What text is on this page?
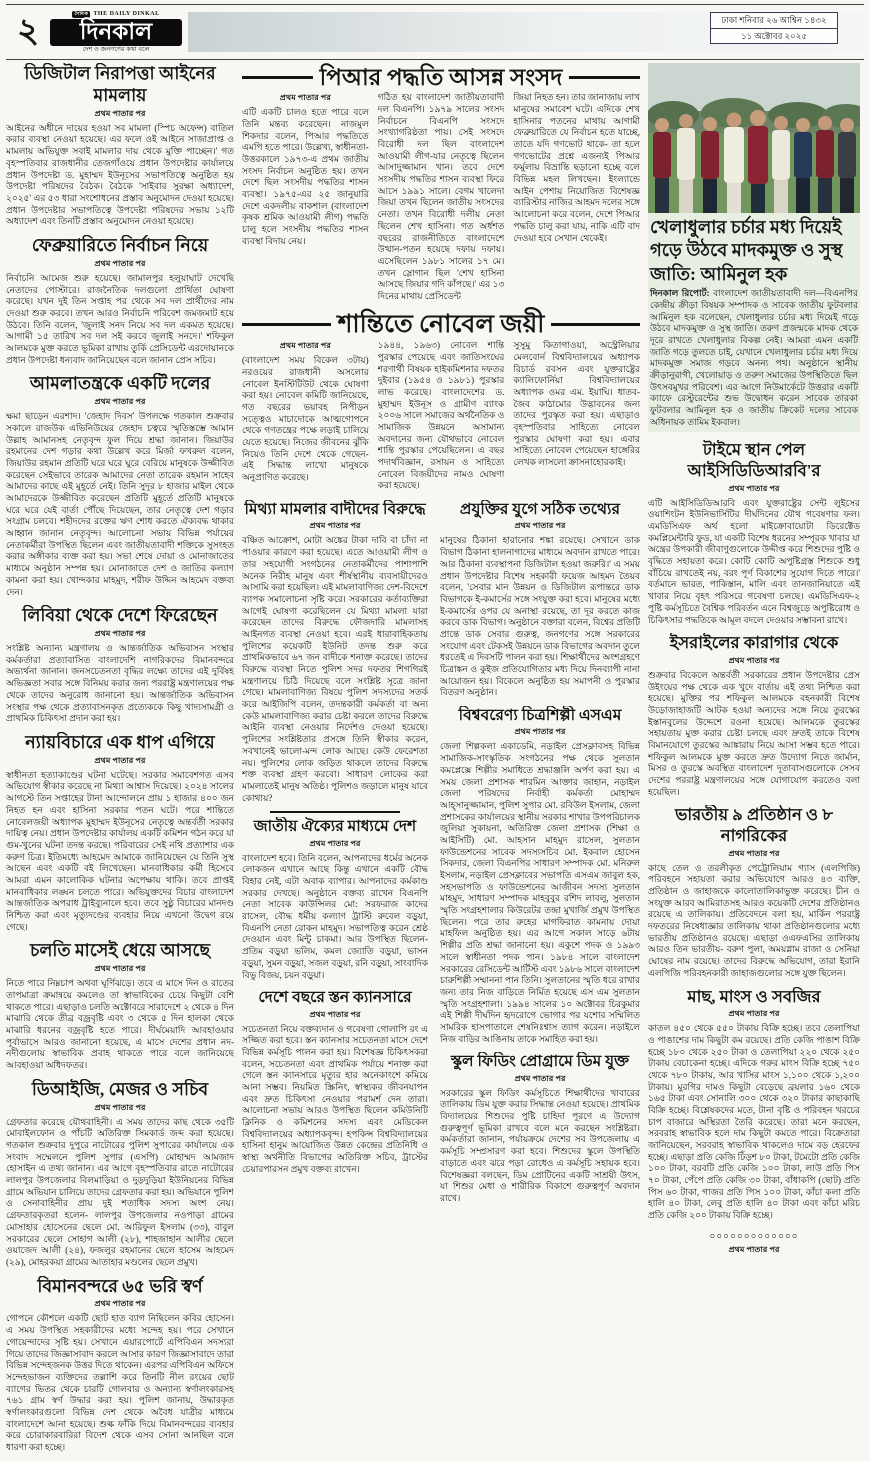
২	দৈনিক THE DAILY DINKAL
দিনকাল
দেশ ও জনগণের কথা বলে
ঢাকা শনিবার ২৬ আশ্বিন ১৪৩২
১১ অক্টোবর ২০২৫
ডিজিটাল নিরাপত্তা আইনের মামলায়
প্রথম পাতার পর

আইনের অধীনে দায়ের হওয়া সব মামলা (স্পিচ অফেন্স) বাতিল করার ব্যবস্থা নেওয়া হয়েছে। এর ফলে ওই আইনে সাজাপ্রাপ্ত ও মামলায় অভিযুক্ত সবাই মামলার দায় থেকে মুক্তি পাচ্ছেন।' গত বৃহস্পতিবার রাজধানীর তেজগাঁওয়ে প্রধান উপদেষ্টার কার্যালয়ে প্রধান উপদেষ্টা ড. মুহাম্মদ ইউনূসের সভাপতিত্বে অনুষ্ঠিত হয় উপদেষ্টা পরিষদের বৈঠক। বৈঠকে 'সাইবার সুরক্ষা অধ্যাদেশ, ২০২৫' এর ৫৩ ধারা সংশোধনের প্রস্তাব অনুমোদন দেওয়া হয়েছে। প্রধান উপদেষ্টার সভাপতিত্বে উপদেষ্টা পরিষদের সভায় ১২টি অধ্যাদেশ এবং তিনটি প্রস্তাব অনুমোদন নেওয়া হয়েছে।

ফেব্রুয়ারিতে নির্বাচন নিয়ে
প্রথম পাতার পর

নির্বাচনি আমেজ শুরু হয়েছে। জামালপুর হলুয়াঘাট দেখেছি নেতাদের পোস্টারে। রাজনৈতিক দলগুলো প্রার্থিতা ঘোষণা করেছে। যখন দুই তিন সপ্তাহ পর থেকে সব দল প্রার্থীদের নাম দেওয়া শুরু করবে। তখন আরও নির্বাচনি পরিবেশ জমজমাট হয়ে উঠবে। তিনি বলেন, 'জুলাই সনদ নিয়ে সব দল একমত হয়েছে। আগামী ১৫ তারিখ সব দল সই করবে জুলাই সনদে।' শফিকুল আলমকে মুক্ত করতে ভূমিকা রাখায় তুর্কি প্রেসিডেন্ট এরদোয়ানকে প্রধান উপদেষ্টা ধন্যবাদ জানিয়েছেন বলে জানান প্রেস সচিব।

আমলাতন্ত্রকে একটি দলের
প্রথম পাতার পর

ক্ষমা ছাড়েন এরশাদ। 'জেহাদ দিবস' উপলক্ষে গতকাল শুক্রবার সকালে রাজউক এভিনিউয়ের জেহাদ চত্বরে স্মৃতিস্তম্ভে আমান উল্লাহ আমানসহ নেতৃবৃন্দ ফুল দিয়ে শ্রদ্ধা জানান। জিয়াউর রহমানের দেশ গড়ার কথা উল্লেখ করে মির্জা ফখরুল বলেন, জিয়াউর রহমান প্রতিটি ঘরে ঘরে ঘুরে বেরিয়ে মানুষকে উজ্জীবিত করেছেন সেইভাবে তারেক আমাদের নেতা তারেক রহমান সাহেব আমাদের কাছে এই মুহূর্তে নেই। তিনি সুদূর ৮ হাজার মাইল থেকে আমাদেরকে উজ্জীবিত করেছেন প্রতিটি মুহূর্তে প্রতিটি মানুষকে ঘরে ঘরে যেই বার্তা পৌঁছে দিয়েছেন, তার নেতৃত্বে দেশ গড়ার সংগ্রাম চলবে। শহীদদের রক্তের ঋণ শোধ করতে ঐক্যবদ্ধ থাকার আহ্বান জানান নেতৃবৃন্দ। আলোচনা সভায় বিভিন্ন পর্যায়ের নেতাকর্মীরা উপস্থিত ছিলেন এবং জাতীয়তাবাদী শক্তিকে সুসংহত করার অঙ্গীকার ব্যক্ত করা হয়। সভা শেষে দোয়া ও মোনাজাতের মাধ্যমে অনুষ্ঠান সম্পন্ন হয়। মোনাজাতে দেশ ও জাতির কল্যাণ কামনা করা হয়। খোন্দকার মাহমুদ, শরীফ উদ্দিন আহমেদ বক্তব্য দেন।

লিবিয়া থেকে দেশে ফিরেছেন
প্রথম পাতার পর

সংশ্লিষ্ট অন্যান্য মন্ত্রণালয় ও আন্তর্জাতিক অভিবাসন সংস্থার কর্মকর্তারা প্রত্যাবাসিত বাংলাদেশি নাগরিকদের বিমানবন্দরে অভ্যর্থনা জানান। জনসচেতনতা বৃদ্ধির লক্ষ্যে তাদের এই দুর্বিষহ অভিজ্ঞতা সবার সঙ্গে বিনিময় করার জন্য পররাষ্ট্র মন্ত্রণালয়ের পক্ষ থেকে তাদের অনুরোধ জানানো হয়। আন্তর্জাতিক অভিবাসন সংস্থার পক্ষ থেকে প্রত্যাবাসনকৃত প্রত্যেককে কিছু খাদ্যসামগ্রী ও প্রাথমিক চিকিৎসা প্রদান করা হয়।

ন্যায়বিচারে এক ধাপ এগিয়ে
প্রথম পাতার পর

স্বাধীনতা হত্যাকাণ্ডের ঘটনা ঘটেছে। সরকার সমাবেশগত এসব অভিযোগ স্বীকার করেছে না মিথ্যা আশ্বাস দিয়েছে। ২০২৪ সালের আগস্টে তিন সপ্তাহের টানা আন্দোলনে প্রায় ১ হাজার ৪০০ জন নিহত হন এবং হাসিনা সরকার পতন ঘটে। পরে শান্তিতে নোবেলজয়ী অধ্যাপক মুহাম্মদ ইউনূসের নেতৃত্বে অন্তর্বর্তী সরকার দায়িত্ব নেয়। প্রধান উপদেষ্টার কার্যালয় একটি কমিশন গঠন করে যা গুম-খুনের ঘটনা তদন্ত করছে। পরিবারের সেই নথি প্রত্যাশার এক করুণ চিত্র। ইতিমধ্যে আহমেদ আমাকে জানিয়েছেন যে তিনি সুস্থ আছেন এবং একটি বই লিখেছেন। মানবাধিকার কর্মী হিসেবে আমরা এমন কালোকিক ঘটনার অপেক্ষায় থাকি। তবে প্রাপ্তই মানবাধিকার লঙ্ঘন চলতে পারে। অভিযুক্তদের বিচার বাংলাদেশ আন্তর্জাতিক অপরাধ ট্রাইব্যুনালে হবে। তবে সুষ্ঠু বিচারের মানদণ্ড নিশ্চিত করা এবং মৃত্যুদণ্ডের ব্যবহার নিয়ে এখনো উদ্বেগ রয়ে গেছে।

চলতি মাসেই ধেয়ে আসছে
প্রথম পাতার পর

নিতে পারে নিম্নচাপ অথবা ঘূর্ণিঝড়ে। তবে এ মাসে দিন ও রাতের তাপমাত্রা ক্রমান্বয়ে কমলেও তা স্বাভাবিকের চেয়ে কিছুটা বেশি থাকতে পারে। এছাড়াও চলতি অক্টোবরে সারাদেশে ২ থেকে ৪ দিন মাঝারি থেকে তীব্র বজ্রবৃষ্টি এবং ৩ থেকে ৫ দিন হালকা থেকে মাঝারি ধরনের বজ্রবৃষ্টি হতে পারে। দীর্ঘমেয়াদি আবহাওয়ার পূর্বাভাসে আরও জানানো হয়েছে, এ মাসে দেশের প্রধান নদ-নদীগুলোয় স্বাভাবিক প্রবাহ থাকতে পারে বলে জানিয়েছে আবহাওয়া অধিদফতর।

ডিআইজি, মেজর ও সচিব
প্রথম পাতার পর

গ্রেফতার করেছে যৌথবাহিনী। এ সময় তাদের কাছ থেকে ৩৫টি মোবাইলফোন ও পাঁচটি অতিরিক্ত সিমকার্ড জব্দ করা হয়েছে। গতকাল শুক্রবার দুপুরে নাটোরের পুলিশ সুপারের কার্যালয়ে এক সংবাদ সম্মেলনে পুলিশ সুপার (এসপি) মোহাম্মদ আমজাদ হোসাইন এ তথ্য জানান। এর আগে বৃহস্পতিবার রাতে নাটোরের লালপুর উপজেলার বিলমাড়িয়া ও দুড়দুড়িয়া ইউনিয়নের বিভিন্ন গ্রামে অভিযান চালিয়ে তাদের গ্রেফতার করা হয়। অভিযানে পুলিশ ও সেনাবাহিনীর প্রায় দুই শতাধিক সদস্য অংশ নেয়। গ্রেফতারকৃতরা হলেন- লালপুর উপজেলার নওপাড়া গ্রামের মোসাহার হোসেনের ছেলে মো. আরিফুল ইসলাম (৩৩), বাবুল সরকারের ছেলে সোহাগ আলী (২৮), শাহজাহান আলীর ছেলে ওয়াজেদ আলী (২৪), ফজলুর রহমানের ছেলে হাসেম আহমেদ (২৯), মোহরকয়া গ্রামের আতাহার মণ্ডলের ছেলে প্রমুখ।

বিমানবন্দরে ৬৫ ভরি স্বর্ণ
প্রথম পাতার পর

গোপনে কৌশলে একটি ছোট হাত ব্যাগ নিছিলেন কবির হোসেন। এ সময় উপস্থিত সহকারীদের মধ্যে সন্দেহ হয়। পরে সেখানে গোয়েন্দাদের সৃষ্টি হয়। সেখানে এয়ারপোর্টে এপিবিএন সদস্যরা গিয়ে তাদের জিজ্ঞাসাবাদ করলে আসার কারণ জিজ্ঞাসাবাদে তারা বিভিন্ন সন্দেহজনক উত্তর দিতে থাকেন। এরপর এপিবিএন অফিসে সন্দেহভাজন ব্যক্তিদের তল্লাশি করে তিনটি নীল রংয়ের ছোট ব্যাগের ভিতর থেকে চারটি গোলবার ও অন্যান্য স্বর্ণালংকারসহ ৭৬১ গ্রাম স্বর্ণ উদ্ধার করা হয়। পুলিশ জানায়, উদ্ধারকৃত স্বর্ণালংকারগুলো বিভিন্ন দেশ থেকে অবৈধ যাত্রীর মাধ্যমে বাংলাদেশে আনা হয়েছে। শুল্ক ফাঁকি দিয়ে বিমানবন্দরের ব্যবহার করে চোরাকারবারিরা বিদেশ থেকে এসব সোনা আনছিল বলে ধারণা করা হচ্ছে।

পিআর পদ্ধতি আসন্ন সংসদ
প্রথম পাতার পর

এটি একটি চালও হতে পারে বলে তিনি মন্তব্য করেছেন। নাজমুল শিকদার বলেন, পিআর পদ্ধতিতে এমপি হতে পারে। উল্লেখ্য, স্বাধীনতা-উত্তরকালে ১৯৭৩-এ প্রথম জাতীয় সংসদ নির্বাচন অনুষ্ঠিত হয়। তখন দেশে ছিল সংসদীয় পদ্ধতির শাসন ব্যবস্থা। ১৯৭৫-এর ২৫ জানুয়ারি দেশে একদলীয় বাকশাল (বাংলাদেশ কৃষক শ্রমিক আওয়ামী লীগ) পদ্ধতি চালু হলে সংসদীয় পদ্ধতির শাসন ব্যবস্থা বিদায় নেয়।

গঠিত হয় বাংলাদেশ জাতীয়তাবাদী দল বিএনপি। ১৯৭৯ সালের সংসদ নির্বাচনে বিএনপি সংসদে সংখ্যাগরিষ্ঠতা পায়। সেই সংসদে বিরোধী দল ছিল বাংলাদেশ আওয়ামী লীগ-যার নেতৃত্বে ছিলেন আসাদুজ্জামান খান। তবে দেশে সংসদীয় পদ্ধতির শাসন ব্যবস্থা ফিরে আসে ১৯৯১ সালে। বেগম খালেদা জিয়া তখন ছিলেন জাতীয় সংসদের নেতা। তখন বিরোধী দলীয় নেতা ছিলেন শেখ হাসিনা। গত অর্ধশত বছরের রাজনীতিতে বাংলাদেশে উত্থান-পতন হয়েছে দফায় দফায়। এসেছিলেন ১৯৮১ সালের ১৭ মে। তখন স্লোগান ছিল 'শেখ হাসিনা আসছে জিয়ার গদি কাঁপছে।' এর ১৩ দিনের মাথায় প্রেসিডেন্ট

জিয়া নিহত হন। তার জানাজায় লাখ মানুষের সমাবেশ ঘটে। এদিকে শেখ হাসিনার পতনের মাথায় আগামী ফেব্রুয়ারিতে যে নির্বাচন হতে যাচ্ছে, তাতে যদি গণভোট থাকে- তা হলে গণভোটের প্রশ্নে এজন্যই পিআর ফর্মুলায় বিভ্রান্তি ছড়ানো হচ্ছে বলে বিভিন্ন মহল লিখছেন। ইংল্যান্ডে আইন পেশায় নিয়োজিত বিশেষজ্ঞ ব্যারিস্টার নাজির আহমদ দলের সঙ্গে আলোচনা করে বলেন, দেশে পিআর পদ্ধতি চালু করা যায়, নাকি এটি বাদ দেওয়া হবে সেখান থেকেই।

শান্তিতে নোবেল জয়ী
প্রথম পাতার পর

(বাংলাদেশ সময় বিকেল ৩টায়) নরওয়ের রাজধানী অসলোর নোবেল ইনস্টিটিউট থেকে ঘোষণা করা হয়। নোবেল কমিটি জানিয়েছে, গত বছরের ভয়াবহ নিপীড়ন সত্ত্বেও মাচাদোকে আত্মগোপনে থেকে গণতন্ত্রের পক্ষে লড়াই চালিয়ে যেতে হয়েছে। নিজের জীবনের ঝুঁকি নিয়েও তিনি দেশে থেকে গেছেন- এই সিদ্ধান্ত লাখো মানুষকে অনুপ্রাণিত করেছে।

১৯৪৪, ১৯৬৩) নোবেল শান্তি পুরস্কার পেয়েছে এবং জাতিসংঘের শরণার্থী বিষয়ক হাইকমিশনার দফতর দুইবার (১৯৫৪ ও ১৯৮১) পুরস্কার লাভ করেছে। বাংলাদেশের ড. মুহাম্মদ ইউনূস ও গ্রামীণ ব্যাংক ২০০৬ সালে সমাজের অর্থনৈতিক ও সামাজিক উন্নয়নে অসামান্য অবদানের জন্য যৌথভাবে নোবেল শান্তি পুরস্কার পেয়েছিলেন। এ বছর পদার্থবিজ্ঞান, রসায়ন ও সাহিত্যে নোবেল বিজয়ীদের নামও ঘোষণা করা হয়েছে।

সুসুমু কিতাগাওয়া, অস্ট্রেলিয়ার মেলবোর্ন বিশ্ববিদ্যালয়ের অধ্যাপক রিচার্ড রবসন এবং যুক্তরাষ্ট্রের ক্যালিফোর্নিয়া বিশ্ববিদ্যালয়ের অধ্যাপক ওমর এম. ইয়াঘি। ধাতব-জৈব কাঠামোর উদ্ভাবনের জন্য তাদের পুরস্কৃত করা হয়। এছাড়াও বৃহস্পতিবার সাহিত্যে নোবেল পুরস্কার ঘোষণা করা হয়। এবার সাহিত্যে নোবেল পেয়েছেন হাঙ্গেরির লেখক লাসলো ক্রাসনাহোরকাই।

মিথ্যা মামলার বাদীদের বিরুদ্ধে
প্রথম পাতার পর

বঞ্চিত আক্রোশ, মোটা অঙ্কের টাকা দাবি বা চাঁদা না পাওয়ার কারণে করা হয়েছে। এতে আওয়ামী লীগ ও তার সহযোগী সংগঠনের নেতাকর্মীদের পাশাপাশি অনেক নিরীহ মানুষ এবং শীর্ষস্থানীয় ব্যবসায়ীদেরও আসামি করা হয়েছিল। এই মামলাবাণিজ্য দেশ-বিদেশে ব্যাপক সমালোচনা সৃষ্টি করে। সরকারের কর্তাব্যক্তিরা আগেই ঘোষণা করেছিলেন যে মিথ্যা মামলা যারা করেছেন তাদের বিরুদ্ধে ফৌজদারি মামলাসহ আইনগত ব্যবস্থা নেওয়া হবে। এরই ধারাবাহিকতায় পুলিশের কয়েকটি ইউনিট তদন্ত শুরু করে প্রাথমিকভাবে ৬৭ জন বাদীকে শনাক্ত করেছে। তাদের বিরুদ্ধে ব্যবস্থা নিতে পুলিশ সদর দফতর শিগগিরই মন্ত্রণালয়ে চিঠি দিয়েছে বলে সংশ্লিষ্ট সূত্রে জানা গেছে। মামলাবাণিজ্য বিষয়ে পুলিশ সদস্যদের সতর্ক করে আইজিপি বলেন, তদন্তকারী কর্মকর্তা বা অন্য কেউ মামলাবাণিজ্য করার চেষ্টা করলে তাদের বিরুদ্ধে আইনি ব্যবস্থা নেওয়ার নির্দেশও দেওয়া হয়েছে। পুলিশের সংশ্লিষ্টতার প্রসঙ্গে তিনি স্বীকার করেন, সবখানেই ভালো-মন্দ লোক আছে। কেউ ফেরেশতা নয়। পুলিশের লোক জড়িত থাকলে তাদের বিরুদ্ধে শক্ত ব্যবস্থা গ্রহণ করবো। সাধারণ লোকের করা মামলাতেই মানুষ অতিষ্ঠ। পুলিশও জড়ালে মানুষ যাবে কোথায়?

জাতীয় ঐক্যের মাধ্যমে দেশ
প্রথম পাতার পর

বাংলাদেশ হবে। তিনি বলেন, আপনাদের ধর্মের অনেক লোকজন এখানে আছে কিন্তু এখানে একটি বৌদ্ধ বিহার নেই, এটা অবাক ব্যাপার। আপনাদের কর্মকাণ্ড সরকার দেখছে। অনুষ্ঠানে বক্তব্য রাখেন বিএনপি নেতা সাবেক কাউন্সিলর মো: সরফরাজ কাদের রাসেল, বৌদ্ধ ধর্মীয় কল্যাণ ট্রাস্টি রুবেল বড়ুয়া, বিএনপি নেতা রোকন মাহমুদ। সভাপতিত্ব করেন শ্রেষ্ঠ দেওয়ান এবং মিন্টু চাকমা। আর উপস্থিত ছিলেন- প্রতিম বড়ুয়া ভলিম, কমল জ্যোতি বড়ুয়া, ভাসন বড়ুয়া, সুমন বড়ুয়া, সজল বড়ুয়া, রনি বড়ুয়া, সাংবাদিক বিভু বিজয়, চয়ন বড়ুয়া।

দেশে বছরে স্তন ক্যানসারে
প্রথম পাতার পর

সচেতনতা নিয়ে বক্তব্যদান ও গবেষণা গোলাপি রং এ সজ্জিত করা হবে। স্তন ক্যানসার সচেতনতা মাসে দেশে বিভিন্ন কর্মসূচি পালন করা হয়। বিশেষজ্ঞ চিকিৎসকরা বলেন, সচেতনতা এবং প্রাথমিক পর্যায়ে শনাক্ত করা গেলে স্তন ক্যানসারে মৃত্যুর হার অনেকাংশে কমিয়ে আনা সম্ভব। নিয়মিত স্ক্রিনিং, স্বাস্থ্যকর জীবনযাপন এবং দ্রুত চিকিৎসা নেওয়ার পরামর্শ দেন তারা। আলোচনা সভায় আরও উপস্থিত ছিলেন কমিউনিটি ক্লিনিক ও কমিশনের সদস্য এবং মেডিকেল বিশ্ববিদ্যালয়ের অধ্যাপকবৃন্দ। হপকিন্স বিশ্ববিদ্যালয়ের হাসিনা হানুম আয়োজিত উন্নত কেন্দ্রের প্রতিনিধি ও স্বাস্থ্য অর্থনীতি বিভাগের অতিরিক্ত সচিব, ট্রাস্টের চেয়ারপারসন প্রমুখ বক্তব্য রাখেন।

প্রযুক্তির যুগে সঠিক তথ্যের
প্রথম পাতার পর

মানুষের ঠিকানা হারানোর শঙ্কা রয়েছে। সেখানে ডাক বিভাগ ঠিকানা হালনাগাদের মাধ্যমে অবদান রাখতে পারে। আর ঠিকানা ব্যবস্থাপনা ডিজিটাল হওয়া জরুরি।' এ সময় প্রধান উপদেষ্টার বিশেষ সহকারী ফয়েজ আহমদ তৈয়ব বলেন, 'সেবার মান উন্নয়ন ও ডিজিটাল রূপান্তরে ডাক বিভাগকে ই-কমার্সের সঙ্গে সংযুক্ত করা হবে। মানুষের মধ্যে ই-কমার্সের ওপর যে অনাস্থা রয়েছে, তা দূর করতে কাজ করবে ডাক বিভাগ। অনুষ্ঠানে বক্তারা বলেন, বিশ্বের প্রতিটি প্রান্তে ডাক সেবার গুরুত্ব, জনগণের সঙ্গে সরকারের সংযোগ এবং টেকসই উন্নয়নে ডাক বিভাগের অবদান তুলে ধরতেই এ দিবসটি পালন করা হয়। শিক্ষার্থীদের অংশগ্রহণে চিত্রাঙ্কন ও কুইজ প্রতিযোগিতার মধ্য দিয়ে দিনব্যাপী নানা আয়োজন হয়। বিকেলে অনুষ্ঠিত হয় সমাপনী ও পুরস্কার বিতরণ অনুষ্ঠান।

বিশ্ববরেণ্য চিত্রশিল্পী এসএম
প্রথম পাতার পর

জেলা শিল্পকলা একাডেমি, নড়াইল প্রেসক্লাবসহ বিভিন্ন সামাজিক-সাংস্কৃতিক সংগঠনের পক্ষ থেকে সুলতান কমপ্লেক্সে শিল্পীর সমাধিতে শ্রদ্ধাঞ্জলি অর্পণ করা হয়। এ সময় জেলা প্রশাসক শারমিন আক্তার জাহান, নড়াইল জেলা পরিষদের নির্বাহী কর্মকর্তা মোহাম্মদ আহ্সানুজ্জামান, পুলিশ সুপার মো. রবিউল ইসলাম, জেলা প্রশাসকের কার্যালয়ের স্থানীয় সরকার শাখার উপপরিচালক জুলিয়া সুকায়না, অতিরিক্ত জেলা প্রশাসক (শিক্ষা ও আইসিটি) মো. আহসান মাহমুদ রাসেল, সুলতান ফাউন্ডেশনের সাবেক সদস্যসচিব মো. ইকবাল হোসেন সিকদার, জেলা বিএনপির সাধারণ সম্পাদক মো. মনিরুল ইসলাম, নড়াইল প্রেসক্লাবের সভাপতি এসএম জাবুল হক, সহসভাপতি ও ফাউন্ডেশনের আজীবন সদস্য সুলতান মাহমুদ, সাধারণ সম্পাদক মাহবুবুর রশিদ লাবলু, সুলতান স্মৃতি সংগ্রহশালার কিউরেটর তন্দ্রা মুখার্জি প্রমুখ উপস্থিত ছিলেন। পরে তার রুহের মাগফিরাত কামনায় দোয়া মাহফিল অনুষ্ঠিত হয়। এর আগে সকাল সাড়ে ৬টায় শিল্পীর প্রতি শ্রদ্ধা জানানো হয়। একুশে পদক ও ১৯৯৩ সালে স্বাধীনতা পদক পান। ১৯৮৪ সালে বাংলাদেশ সরকারের রেসিডেন্ট আর্টিস্ট এবং ১৯৮৬ সালে বাংলাদেশ চারুশিল্পী সম্মাননা পান তিনি। সুলতানের স্মৃতি ধরে রাখার জন্য তার নিজ বাড়িতে নির্মিত হয়েছে এস এম সুলতান স্মৃতি সংগ্রহশালা। ১৯৯৪ সালের ১০ অক্টোবর চিরকুমার এই শিল্পী দীর্ঘদিন হৃদরোগে ভোগার পর যশোর সম্মিলিত সামরিক হাসপাতালে শেষনিঃশ্বাস ত্যাগ করেন। নড়াইলে নিজ বাড়ির আঙিনায় তাকে সমাহিত করা হয়।

স্কুল ফিডিং প্রোগ্রামে ডিম যুক্ত
প্রথম পাতার পর

সরকারের স্কুল ফিডিং কর্মসূচিতে শিক্ষার্থীদের খাবারের তালিকায় ডিম যুক্ত করার সিদ্ধান্ত নেওয়া হয়েছে। প্রাথমিক বিদ্যালয়ের শিশুদের পুষ্টি চাহিদা পূরণে এ উদ্যোগ গুরুত্বপূর্ণ ভূমিকা রাখবে বলে মনে করছেন সংশ্লিষ্টরা। কর্মকর্তারা জানান, পর্যায়ক্রমে দেশের সব উপজেলায় এ কর্মসূচি সম্প্রসারণ করা হবে। শিশুদের স্কুলে উপস্থিতি বাড়াতে এবং ঝরে পড়া রোধেও এ কর্মসূচি সহায়ক হবে। বিশেষজ্ঞরা বলছেন, ডিম প্রোটিনের একটি সাশ্রয়ী উৎস, যা শিশুর মেধা ও শারীরিক বিকাশে গুরুত্বপূর্ণ অবদান রাখে।

খেলাধুলার চর্চার মধ্য দিয়েই গড়ে উঠবে মাদকমুক্ত ও সুস্থ জাতি: আমিনুল হক

দিনকাল রিপোর্ট: বাংলাদেশ জাতীয়তাবাদী দল—বিএনপির কেন্দ্রীয় ক্রীড়া বিষয়ক সম্পাদক ও সাবেক জাতীয় ফুটবলার আমিনুল হক বলেছেন, খেলাধুলার চর্চার মধ্য দিয়েই গড়ে উঠবে মাদকমুক্ত ও সুস্থ জাতি। তরুণ প্রজন্মকে মাদক থেকে দূরে রাখতে খেলাধুলার বিকল্প নেই। আমরা এমন একটি জাতি গড়ে তুলতে চাই, যেখানে খেলাধুলার চর্চার মধ্য দিয়ে মাদকমুক্ত সমাজ গড়বে অনন্য পথ। অনুষ্ঠানে স্থানীয় ক্রীড়ানুরাগী, খেলোয়াড় ও তরুণ সমাজের উপস্থিতিতে ছিল উৎসবমুখর পরিবেশ। এর আগে নিউমার্কেটে উত্তরার একটি ক্যাফে রেস্টুরেন্টের শুভ উদ্বোধন করেন সাবেক তারকা ফুটবলার আমিনুল হক ও জাতীয় ক্রিকেট দলের সাবেক অধিনায়ক তামিম ইকবাল।

টাইমে স্থান পেল আইসিডিডিআরবি'র
প্রথম পাতার পর

এটি আইসিডিডিআরবি এবং যুক্তরাষ্ট্রের সেন্ট লুইসের ওয়াশিংটন ইউনিভার্সিটির দীর্ঘদিনের যৌথ গবেষণার ফল। এমডিসিএফ অর্থ হলো মাইক্রোবায়োটা ডিরেক্টেড কমপ্লিমেন্টারি ফুড, যা একটি বিশেষ ধরনের সম্পূরক খাবার যা অন্ত্রের উপকারী জীবাণুগুলোকে উদ্দীপ্ত করে শিশুদের পুষ্টি ও বৃদ্ধিতে সহায়তা করে। কোটি কোটি অপুষ্টিগ্রস্ত শিশুকে শুধু বাঁচিয়ে রাখতেই নয়, বরং পূর্ণ বিকাশের সুযোগ দিতে পারে।' বর্তমানে ভারত, পাকিস্তান, মালি এবং তানজানিয়াতে এই খাবার নিয়ে বৃহৎ পরিসরে গবেষণা চলছে। এমডিসিএফ-২ পুষ্টি কর্মসূচিতে বৈশ্বিক পরিবর্তন এনে বিশ্বজুড়ে অপুষ্টিরোধ ও চিকিৎসার পদ্ধতিকে আমূল বদলে দেওয়ার সম্ভাবনা রাখে।

ইসরাইলের কারাগার থেকে
প্রথম পাতার পর

শুক্রবার বিকেলে অন্তর্বর্তী সরকারের প্রধান উপদেষ্টার প্রেস উইংয়ের পক্ষ থেকে এক খুদে বার্তায় এই তথ্য নিশ্চিত করা হয়েছে। মুক্তির পর শফিকুল আলমকে বহনকারী বিশেষ উড়োজাহাজটি আটক হওয়া অন্যদের সঙ্গে নিয়ে তুরস্কের ইস্তানবুলের উদ্দেশে রওনা হয়েছে। আলমকে তুরস্কের সহায়তায় মুক্ত করার চেষ্টা চলছে এবং দ্রুতই তাকে বিশেষ বিমানযোগে তুরস্কের আঙ্কারায় নিয়ে আসা সম্ভব হতে পারে। শফিকুল আলমকে মুক্ত করতে দ্রুত উদ্যোগ নিতে জার্মান, মিসর ও তুরস্কে অবস্থিত বাংলাদেশ দূতাবাসগুলোকে সেসব দেশের পররাষ্ট্র মন্ত্রণালয়ের সঙ্গে যোগাযোগ করতেও বলা হয়েছিল।

ভারতীয় ৯ প্রতিষ্ঠান ও ৮ নাগরিকের
প্রথম পাতার পর

কাছে তেল ও তরলীকৃত পেট্রোলিয়াম গ্যাস (এলপিজি) পরিবহনে সহায়তা করার অভিযোগে আরও ৪৩ ব্যক্তি, প্রতিষ্ঠান ও জাহাজকে কালোতালিকাভুক্ত করেছে। চীন ও সংযুক্ত আরব আমিরাতসহ আরও কয়েকটি দেশের প্রতিষ্ঠানও রয়েছে এ তালিকায়। প্রতিবেদনে বলা হয়, মার্কিন পররাষ্ট্র দফতরের নিষেধাজ্ঞার তালিকায় থাকা প্রতিষ্ঠানগুলোর মধ্যে ভারতীয় প্রতিষ্ঠানও রয়েছে। এছাড়া ওএফএসির তালিকায় আরও তিন ভারতীয়- বরুণ পুলা, অময়গ্লাম রাজা ও সেনিয়া ঘোষের নাম রয়েছে। তাদের বিরুদ্ধে অভিযোগ, তারা ইরানি এলপিজি পরিবহনকারী জাহাজগুলোর সঙ্গে যুক্ত ছিলেন।

মাছ, মাংস ও সবজির
প্রথম পাতার পর

কাতল ৪৫০ থেকে ৫৫০ টাকায় বিক্রি হচ্ছে। তবে তেলাপিয়া ও পাঙাশের দাম কিছুটা কম রয়েছে। প্রতি কেজি পাঙাশ বিক্রি হচ্ছে ১৮০ থেকে ২৫০ টাকা ও তেলাপিয়া ২২০ থেকে ২৫০ টাকায় বেচাকেনা হচ্ছে। এদিকে গরুর মাংস বিক্রি হচ্ছে ৭৫০ থেকে ৭৮০ টাকায়, আর খাসির মাংস ১,১০০ থেকে ১,২০০ টাকায়। মুরগির দামও কিছুটা বেড়েছে ব্রয়লার ১৬০ থেকে ১৬৫ টাকা এবং সোনালি ৩০০ থেকে ৩২০ টাকার কাছাকাছি বিক্রি হচ্ছে। বিশ্লেষকদের মতে, টানা বৃষ্টি ও পরিবহন খরচের চাপ বাজারে অস্থিরতা তৈরি করেছে। তারা মনে করছেন, সরবরাহ স্বাভাবিক হলে দাম কিছুটা কমতে পারে। বিক্রেতারা জানিয়েছেন, সরবরাহ স্বাভাবিক থাকলেও দামে বড় হেরফের হচ্ছে। এছাড়া প্রতি কেজি ঢিঁড়শ ৮০ টাকা, টমেটো প্রতি কেজি ১০০ টাকা, বরবটি প্রতি কেজি ১০০ টাকা, লাউ প্রতি পিস ৭০ টাকা, পেঁপে প্রতি কেজি ৩০ টাকা, বাঁধাকপি (ছোট) প্রতি পিস ৬০ টাকা, গাজর প্রতি পিস ১০০ টাকা, কাঁচা কলা প্রতি হালি ৪০ টাকা, লেবু প্রতি হালি ৪০ টাকা এবং কাঁচা মরিচ প্রতি কেজি ২০০ টাকায় বিক্রি হচ্ছে।

০০০০০০০০০০০০০
প্রথম পাতার পর
